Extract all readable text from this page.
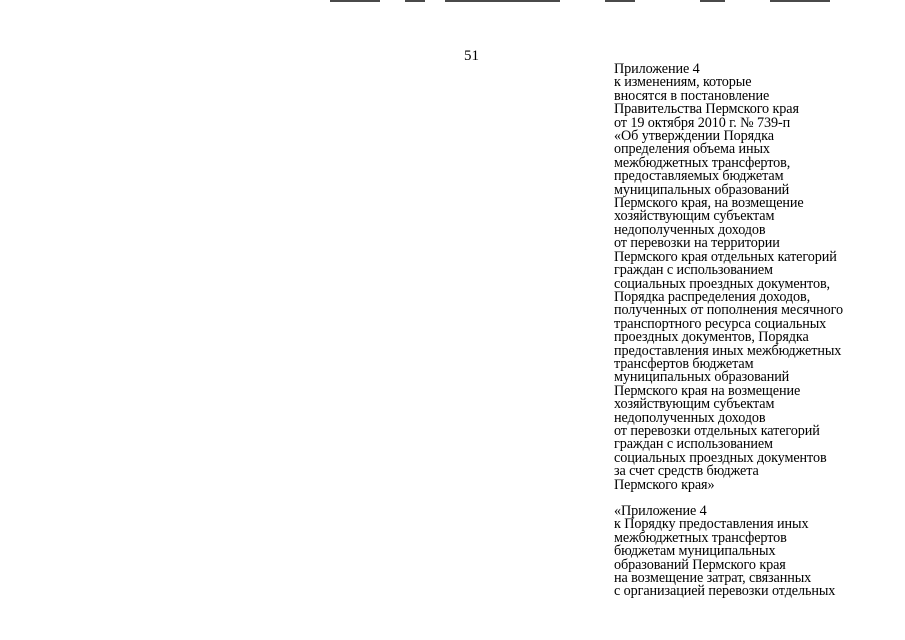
51
Приложение 4
к изменениям, которые
вносятся в постановление
Правительства Пермского края
от 19 октября 2010 г. № 739-п
«Об утверждении Порядка
определения объема иных
межбюджетных трансфертов,
предоставляемых бюджетам
муниципальных образований
Пермского края, на возмещение
хозяйствующим субъектам
недополученных доходов
от перевозки на территории
Пермского края отдельных категорий
граждан с использованием
социальных проездных документов,
Порядка распределения доходов,
полученных от пополнения месячного
транспортного ресурса социальных
проездных документов, Порядка
предоставления иных межбюджетных
трансфертов бюджетам
муниципальных образований
Пермского края на возмещение
хозяйствующим субъектам
недополученных доходов
от перевозки отдельных категорий
граждан с использованием
социальных проездных документов
за счет средств бюджета
Пермского края»
«Приложение 4
к Порядку предоставления иных
межбюджетных трансфертов
бюджетам муниципальных
образований Пермского края
на возмещение затрат, связанных
с организацией перевозки отдельных
